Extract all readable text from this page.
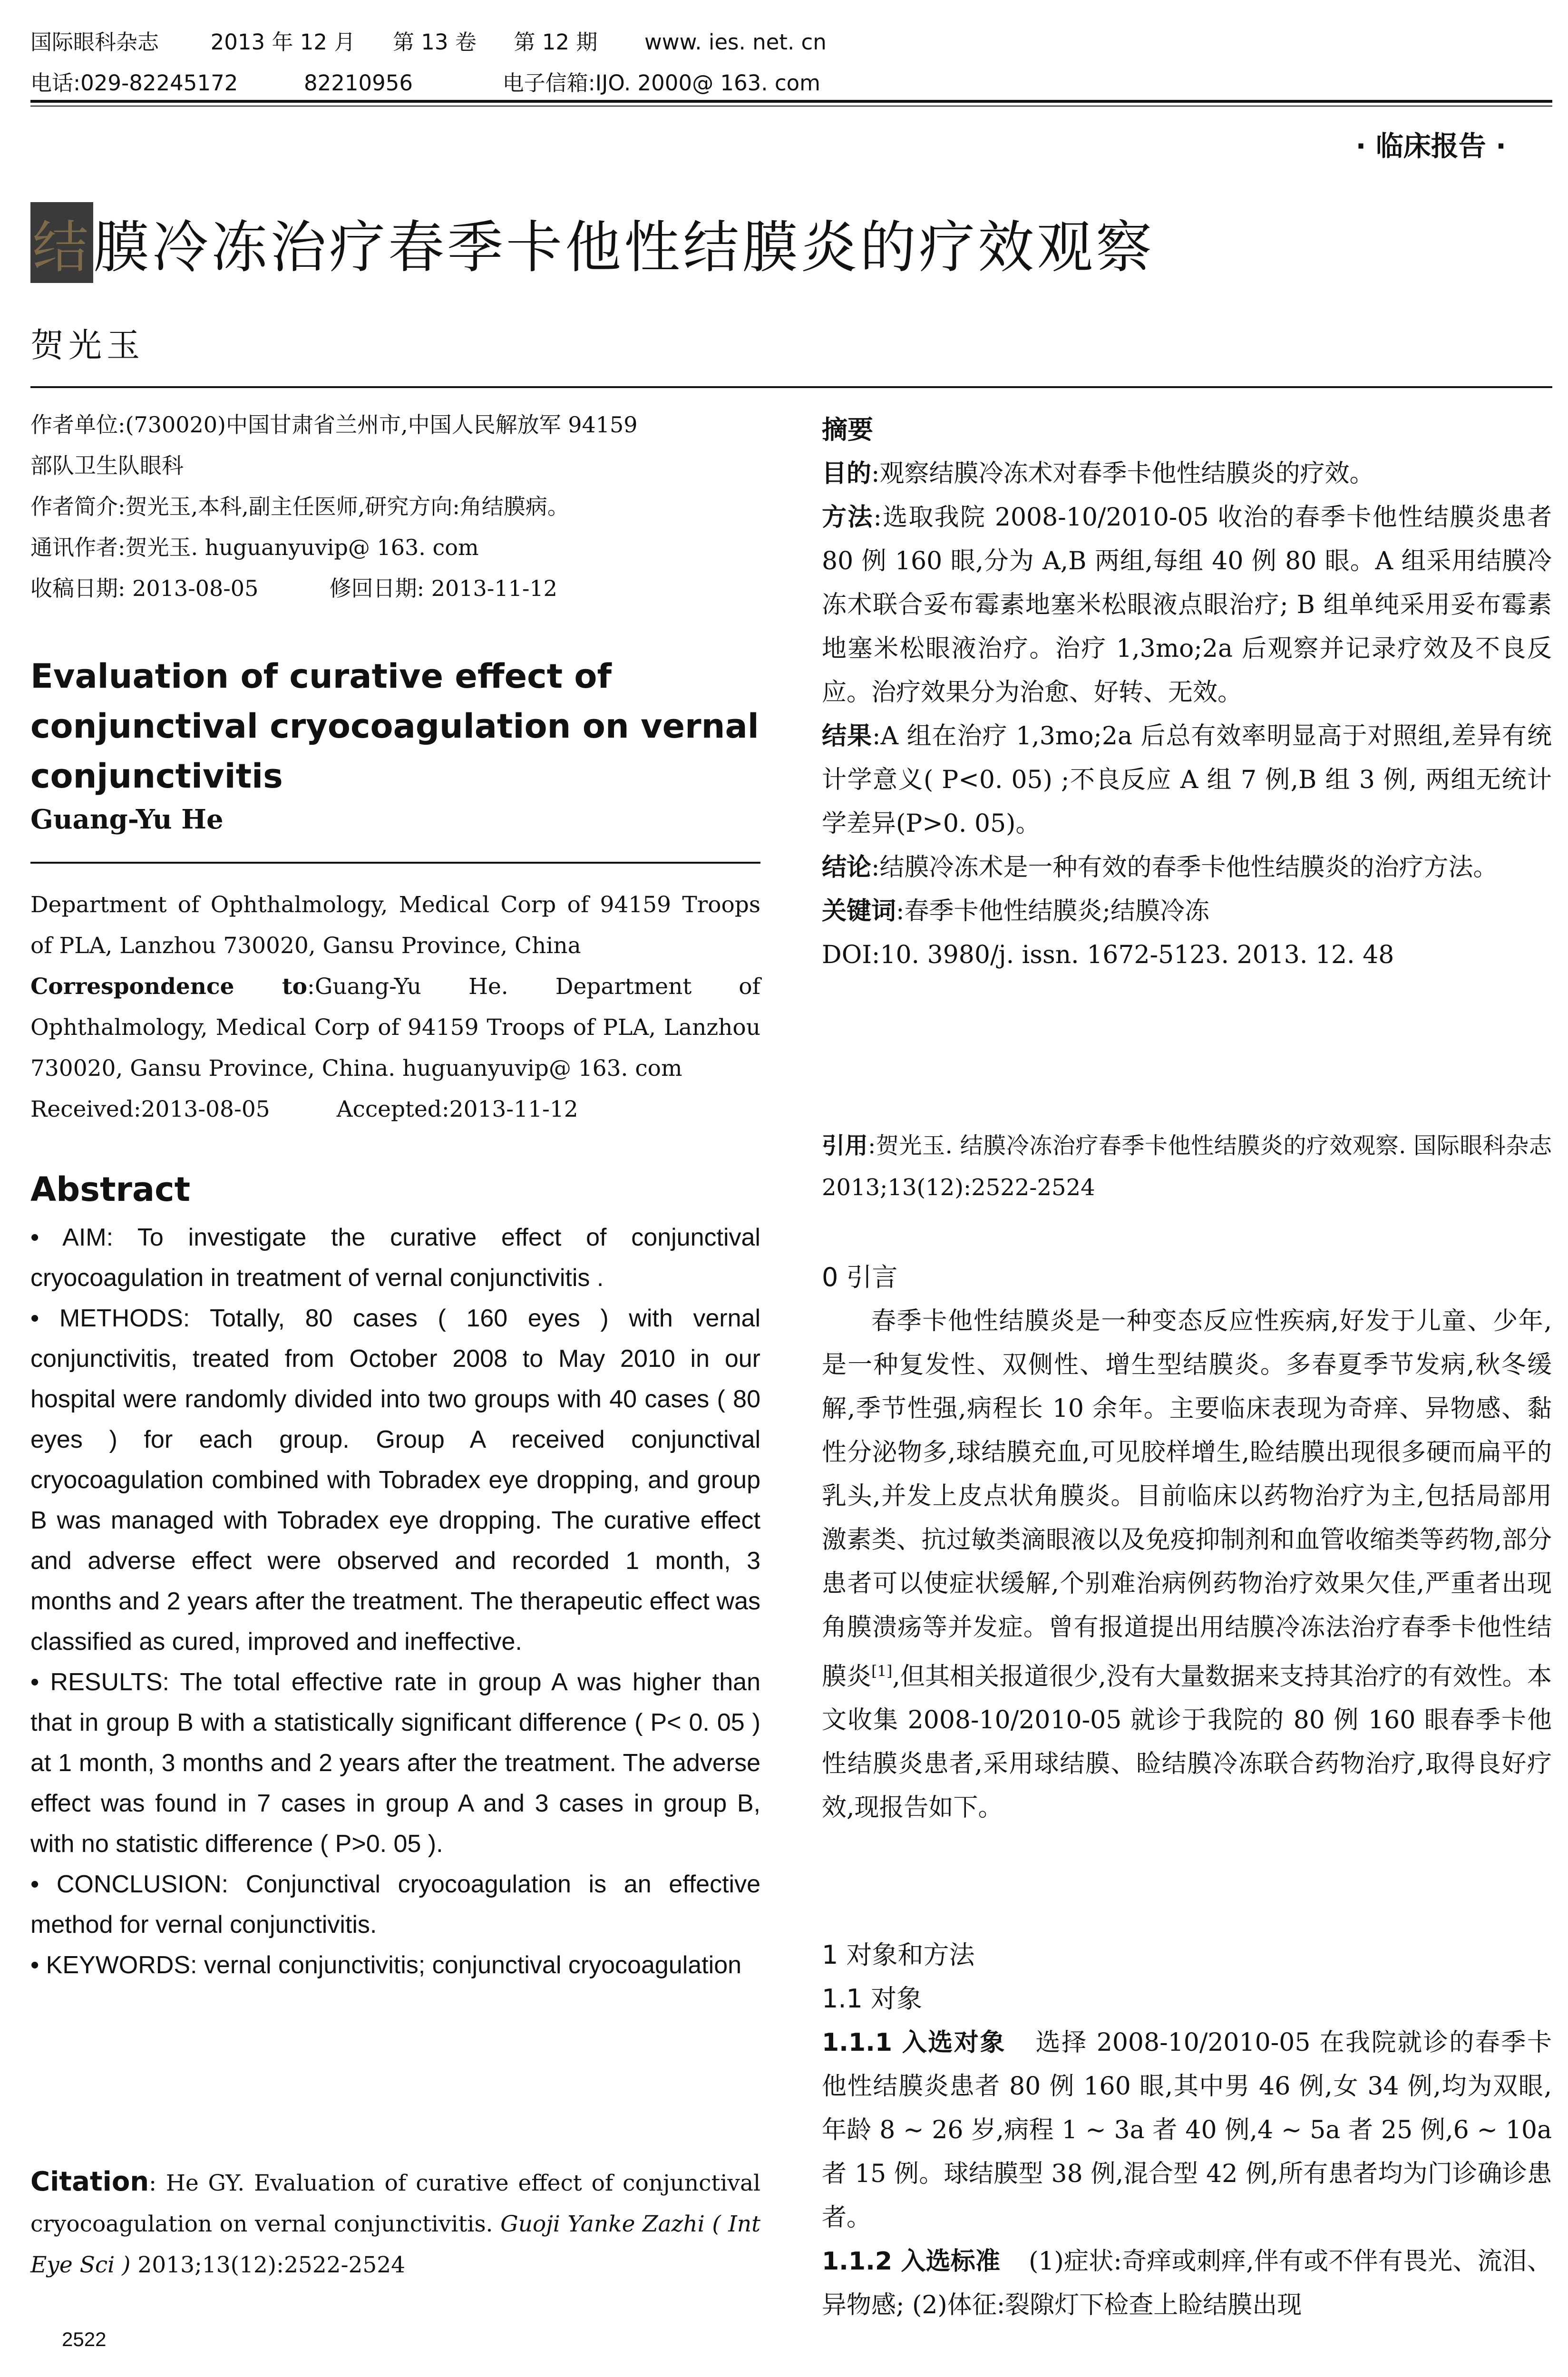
国际眼科杂志 2013 年 12 月 第 13 卷 第 12 期 www. ies. net. cn
电话:029-82245172	82210956	电子信箱:IJO. 2000@ 163. com
· 临床报告 ·
结膜冷冻治疗春季卡他性结膜炎的疗效观察
贺光玉

作者单位:(730020)中国甘肃省兰州市,中国人民解放军 94159

部队卫生队眼科

作者简介:贺光玉,本科,副主任医师,研究方向:角结膜病。

通讯作者:贺光玉. huguanyuvip@ 163. com

收稿日期: 2013-08-05	修回日期: 2013-11-12

Evaluation of curative effect of conjunctival cryocoagulation on vernal conjunctivitis

Guang-Yu He

Department of Ophthalmology, Medical Corp of 94159 Troops of PLA, Lanzhou 730020, Gansu Province, China

Correspondence to:Guang-Yu He. Department of Ophthalmology, Medical Corp of 94159 Troops of PLA, Lanzhou 730020, Gansu Province, China. huguanyuvip@ 163. com

Received:2013-08-05	Accepted:2013-11-12

Abstract

• AIM: To investigate the curative effect of conjunctival cryocoagulation in treatment of vernal conjunctivitis .

• METHODS: Totally, 80 cases ( 160 eyes ) with vernal conjunctivitis, treated from October 2008 to May 2010 in our hospital were randomly divided into two groups with 40 cases ( 80 eyes ) for each group. Group A received conjunctival cryocoagulation combined with Tobradex eye dropping, and group B was managed with Tobradex eye dropping. The curative effect and adverse effect were observed and recorded 1 month, 3 months and 2 years after the treatment. The therapeutic effect was classified as cured, improved and ineffective.

• RESULTS: The total effective rate in group A was higher than that in group B with a statistically significant difference ( P< 0. 05 ) at 1 month, 3 months and 2 years after the treatment. The adverse effect was found in 7 cases in group A and 3 cases in group B, with no statistic difference ( P>0. 05 ).

• CONCLUSION: Conjunctival cryocoagulation is an effective method for vernal conjunctivitis.

• KEYWORDS: vernal conjunctivitis; conjunctival cryocoagulation

Citation: He GY. Evaluation of curative effect of conjunctival cryocoagulation on vernal conjunctivitis. Guoji Yanke Zazhi ( Int Eye Sci ) 2013;13(12):2522-2524

2522

摘要

目的:观察结膜冷冻术对春季卡他性结膜炎的疗效。

方法:选取我院 2008-10/2010-05 收治的春季卡他性结膜炎患者 80 例 160 眼,分为 A,B 两组,每组 40 例 80 眼。A 组采用结膜冷冻术联合妥布霉素地塞米松眼液点眼治疗; B 组单纯采用妥布霉素地塞米松眼液治疗。治疗 1,3mo;2a 后观察并记录疗效及不良反应。治疗效果分为治愈、好转、无效。

结果:A 组在治疗 1,3mo;2a 后总有效率明显高于对照组,差异有统计学意义( P<0. 05) ;不良反应 A 组 7 例,B 组 3 例, 两组无统计学差异(P>0. 05)。

结论:结膜冷冻术是一种有效的春季卡他性结膜炎的治疗方法。

关键词:春季卡他性结膜炎;结膜冷冻

DOI:10. 3980/j. issn. 1672-5123. 2013. 12. 48

引用:贺光玉. 结膜冷冻治疗春季卡他性结膜炎的疗效观察. 国际眼科杂志 2013;13(12):2522-2524

0 引言

春季卡他性结膜炎是一种变态反应性疾病,好发于儿童、少年,是一种复发性、双侧性、增生型结膜炎。多春夏季节发病,秋冬缓解,季节性强,病程长 10 余年。主要临床表现为奇痒、异物感、黏性分泌物多,球结膜充血,可见胶样增生,睑结膜出现很多硬而扁平的乳头,并发上皮点状角膜炎。目前临床以药物治疗为主,包括局部用激素类、抗过敏类滴眼液以及免疫抑制剂和血管收缩类等药物,部分患者可以使症状缓解,个别难治病例药物治疗效果欠佳,严重者出现角膜溃疡等并发症。曾有报道提出用结膜冷冻法治疗春季卡他性结膜炎[1],但其相关报道很少,没有大量数据来支持其治疗的有效性。本文收集 2008-10/2010-05 就诊于我院的 80 例 160 眼春季卡他性结膜炎患者,采用球结膜、睑结膜冷冻联合药物治疗,取得良好疗效,现报告如下。

1 对象和方法

1.1 对象

1.1.1 入选对象 选择 2008-10/2010-05 在我院就诊的春季卡他性结膜炎患者 80 例 160 眼,其中男 46 例,女 34 例,均为双眼,年龄 8 ~ 26 岁,病程 1 ~ 3a 者 40 例,4 ~ 5a 者 25 例,6 ~ 10a 者 15 例。球结膜型 38 例,混合型 42 例,所有患者均为门诊确诊患者。

1.1.2 入选标准 (1)症状:奇痒或刺痒,伴有或不伴有畏光、流泪、异物感; (2)体征:裂隙灯下检查上睑结膜出现
